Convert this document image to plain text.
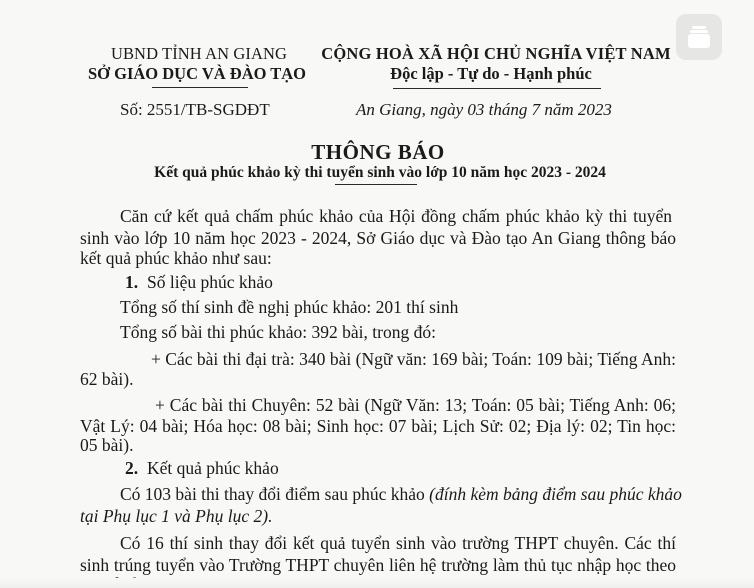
UBND TỈNH AN GIANG
SỞ GIÁO DỤC VÀ ĐÀO TẠO
CỘNG HOÀ XÃ HỘI CHỦ NGHĨA VIỆT NAM
Độc lập - Tự do - Hạnh phúc
Số: 2551/TB-SGDĐT	An Giang, ngày 03 tháng 7 năm 2023
THÔNG BÁO
Kết quả phúc khảo kỳ thi tuyển sinh vào lớp 10 năm học 2023 - 2024
Căn cứ kết quả chấm phúc khảo của Hội đồng chấm phúc khảo kỳ thi tuyển
sinh vào lớp 10 năm học 2023 - 2024, Sở Giáo dục và Đào tạo An Giang thông báo
kết quả phúc khảo như sau:
1. Số liệu phúc khảo
Tổng số thí sinh đề nghị phúc khảo: 201 thí sinh
Tổng số bài thi phúc khảo: 392 bài, trong đó:
+ Các bài thi đại trà: 340 bài (Ngữ văn: 169 bài; Toán: 109 bài; Tiếng Anh:
62 bài).
+ Các bài thi Chuyên: 52 bài (Ngữ Văn: 13; Toán: 05 bài; Tiếng Anh: 06;
Vật Lý: 04 bài; Hóa học: 08 bài; Sinh học: 07 bài; Lịch Sử: 02; Địa lý: 02; Tin học:
05 bài).
2. Kết quả phúc khảo
Có 103 bài thi thay đổi điểm sau phúc khảo (đính kèm bảng điểm sau phúc khảo
tại Phụ lục 1 và Phụ lục 2).
Có 16 thí sinh thay đổi kết quả tuyển sinh vào trường THPT chuyên. Các thí
sinh trúng tuyển vào Trường THPT chuyên liên hệ trường làm thủ tục nhập học theo
